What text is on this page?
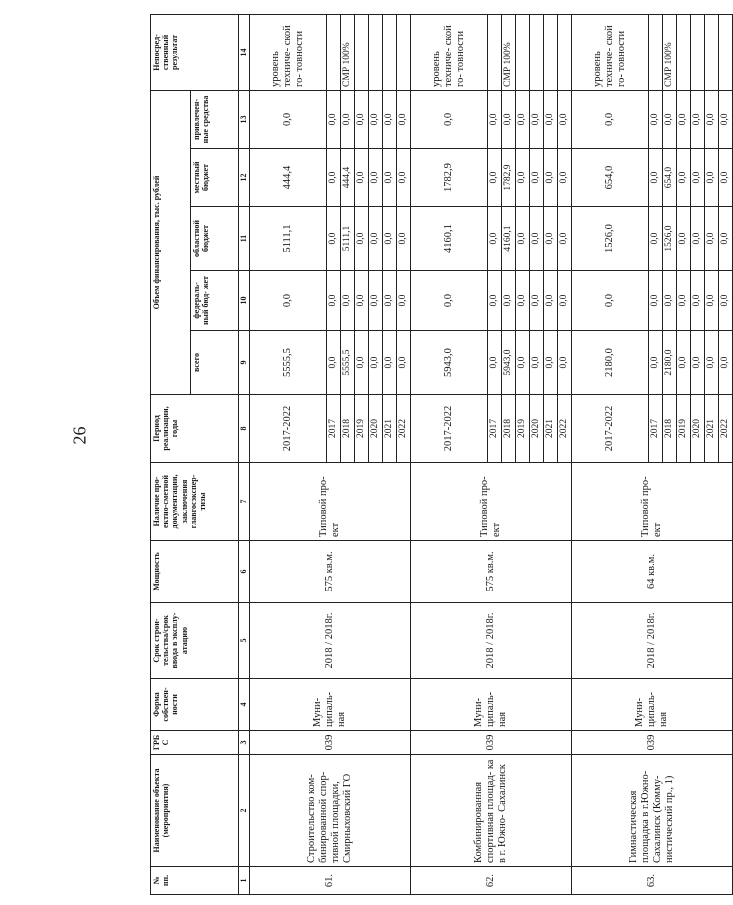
26
№ пп.	Наименование объекта (мероприятия)	ГРБ С	Форма собствен- ности	Срок строи- тельства/срок ввода в эксплу- атацию	Мощность	Наличие про- ектно-сметной документации, заключения главгосэкспер- тизы	Период реализации, годы	Объем финансирования, тыс. рублей					Непосред- ственный результат
								всего	федераль- ный бюд- жет	областной бюджет	местный бюджет	привлечен- ные средства	
1	2	3	4	5	6	7	8	9	10	11	12	13	14
61.	Строительство ком- бинированной спор- тивной площадки, Смирныховский ГО	039	Муни- ципаль- ная	2018 / 2018г.	575 кв.м.	Типовой про- ект	2017-2022	5555,5	0,0	5111,1	444,4	0,0	уровень техниче- ской го- товности
							2017	0,0	0,0	0,0	0,0	0,0	
							2018	5555,5	0,0	5111,1	444,4	0,0	СМР 100%
							2019	0,0	0,0	0,0	0,0	0,0	
							2020	0,0	0,0	0,0	0,0	0,0	
							2021	0,0	0,0	0,0	0,0	0,0	
							2022	0,0	0,0	0,0	0,0	0,0	
62.	Комбинированная спортивная площад- ка в г. Южно- Сахалинск	039	Муни- ципаль- ная	2018 / 2018г.	575 кв.м.	Типовой про- ект	2017-2022	5943,0	0,0	4160,1	1782,9	0,0	уровень техниче- ской го- товности
							2017	0,0	0,0	0,0	0,0	0,0	
							2018	5943,0	0,0	4160,1	1782,9	0,0	СМР 100%
							2019	0,0	0,0	0,0	0,0	0,0	
							2020	0,0	0,0	0,0	0,0	0,0	
							2021	0,0	0,0	0,0	0,0	0,0	
							2022	0,0	0,0	0,0	0,0	0,0	
63.	Гимнастическая площадка в г.Южно- Сахалинск (Комму- нистический пр., 1)	039	Муни- ципаль- ная	2018 / 2018г.	64 кв.м.	Типовой про- ект	2017-2022	2180,0	0,0	1526,0	654,0	0,0	уровень техниче- ской го- товности
							2017	0,0	0,0	0,0	0,0	0,0	
							2018	2180,0	0,0	1526,0	654,0	0,0	СМР 100%
							2019	0,0	0,0	0,0	0,0	0,0	
							2020	0,0	0,0	0,0	0,0	0,0	
							2021	0,0	0,0	0,0	0,0	0,0	
							2022	0,0	0,0	0,0	0,0	0,0	
